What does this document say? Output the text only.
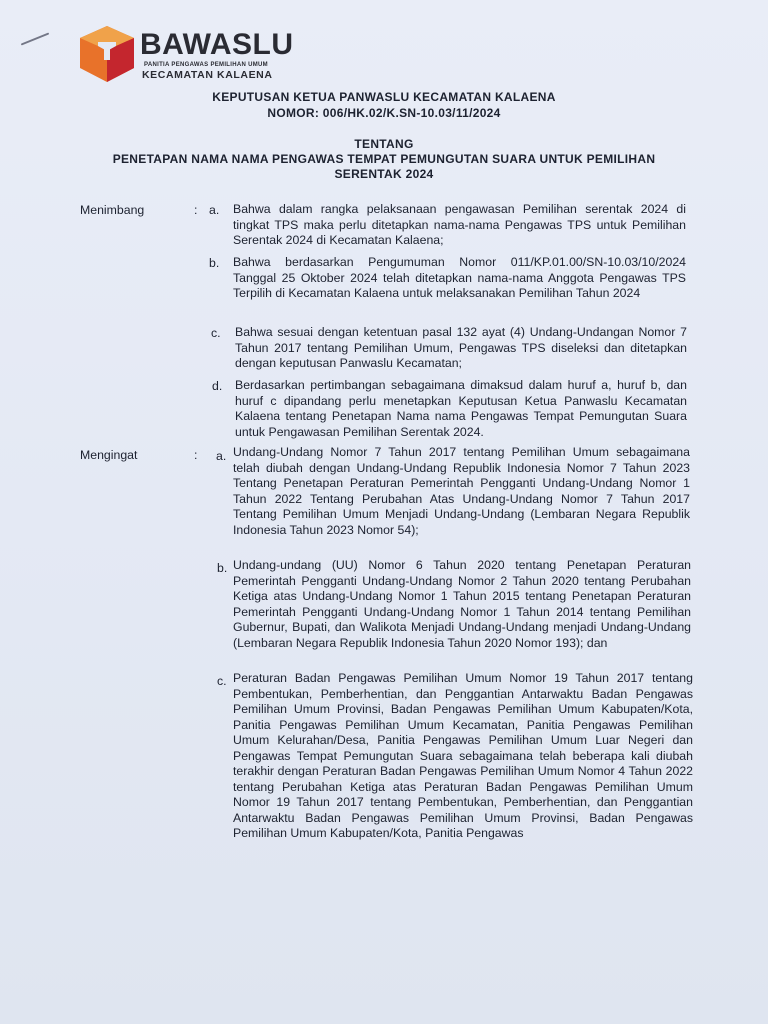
BAWASLU
PANITIA PENGAWAS PEMILIHAN UMUM
KECAMATAN KALAENA
KEPUTUSAN KETUA PANWASLU KECAMATAN KALAENA
NOMOR: 006/HK.02/K.SN-10.03/11/2024
TENTANG
PENETAPAN NAMA NAMA PENGAWAS TEMPAT PEMUNGUTAN SUARA UNTUK PEMILIHAN
SERENTAK 2024
Menimbang	: a. Bahwa dalam rangka pelaksanaan pengawasan Pemilihan serentak 2024 di tingkat TPS maka perlu ditetapkan nama-nama Pengawas TPS untuk Pemilihan Serentak 2024 di Kecamatan Kalaena;
b. Bahwa berdasarkan Pengumuman Nomor 011/KP.01.00/SN-10.03/10/2024 Tanggal 25 Oktober 2024 telah ditetapkan nama-nama Anggota Pengawas TPS Terpilih di Kecamatan Kalaena untuk melaksanakan Pemilihan Tahun 2024
c. Bahwa sesuai dengan ketentuan pasal 132 ayat (4) Undang-Undangan Nomor 7 Tahun 2017 tentang Pemilihan Umum, Pengawas TPS diseleksi dan ditetapkan dengan keputusan Panwaslu Kecamatan;
d. Berdasarkan pertimbangan sebagaimana dimaksud dalam huruf a, huruf b, dan huruf c dipandang perlu menetapkan Keputusan Ketua Panwaslu Kecamatan Kalaena tentang Penetapan Nama nama Pengawas Tempat Pemungutan Suara untuk Pengawasan Pemilihan Serentak 2024.
Mengingat	: a. Undang-Undang Nomor 7 Tahun 2017 tentang Pemilihan Umum sebagaimana telah diubah dengan Undang-Undang Republik Indonesia Nomor 7 Tahun 2023 Tentang Penetapan Peraturan Pemerintah Pengganti Undang-Undang Nomor 1 Tahun 2022 Tentang Perubahan Atas Undang-Undang Nomor 7 Tahun 2017 Tentang Pemilihan Umum Menjadi Undang-Undang (Lembaran Negara Republik Indonesia Tahun 2023 Nomor 54);
b. Undang-undang (UU) Nomor 6 Tahun 2020 tentang Penetapan Peraturan Pemerintah Pengganti Undang-Undang Nomor 2 Tahun 2020 tentang Perubahan Ketiga atas Undang-Undang Nomor 1 Tahun 2015 tentang Penetapan Peraturan Pemerintah Pengganti Undang-Undang Nomor 1 Tahun 2014 tentang Pemilihan Gubernur, Bupati, dan Walikota Menjadi Undang-Undang menjadi Undang-Undang (Lembaran Negara Republik Indonesia Tahun 2020 Nomor 193); dan
c. Peraturan Badan Pengawas Pemilihan Umum Nomor 19 Tahun 2017 tentang Pembentukan, Pemberhentian, dan Penggantian Antarwaktu Badan Pengawas Pemilihan Umum Provinsi, Badan Pengawas Pemilihan Umum Kabupaten/Kota, Panitia Pengawas Pemilihan Umum Kecamatan, Panitia Pengawas Pemilihan Umum Kelurahan/Desa, Panitia Pengawas Pemilihan Umum Luar Negeri dan Pengawas Tempat Pemungutan Suara sebagaimana telah beberapa kali diubah terakhir dengan Peraturan Badan Pengawas Pemilihan Umum Nomor 4 Tahun 2022 tentang Perubahan Ketiga atas Peraturan Badan Pengawas Pemilihan Umum Nomor 19 Tahun 2017 tentang Pembentukan, Pemberhentian, dan Penggantian Antarwaktu Badan Pengawas Pemilihan Umum Provinsi, Badan Pengawas Pemilihan Umum Kabupaten/Kota, Panitia Pengawas
